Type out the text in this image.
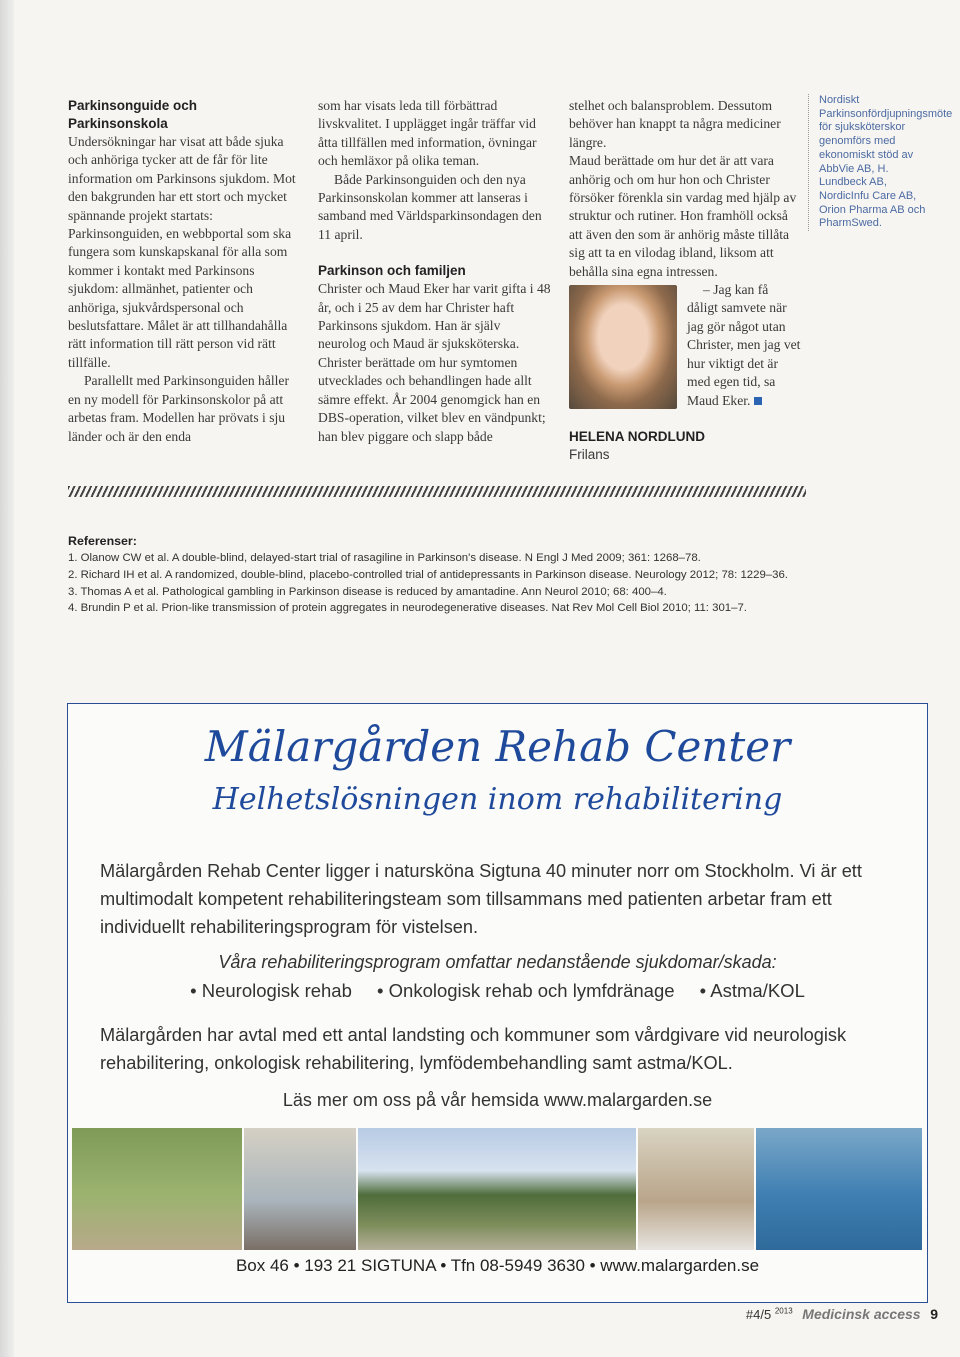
Parkinsonguide och Parkinsonskola

Undersökningar har visat att både sjuka och anhöriga tycker att de får för lite information om Parkinsons sjukdom. Mot den bakgrunden har ett stort och mycket spännande projekt startats: Parkinsonguiden, en webbportal som ska fungera som kunskapskanal för alla som kommer i kontakt med Parkinsons sjukdom: allmänhet, patienter och anhöriga, sjukvårdspersonal och beslutsfattare. Målet är att tillhandahålla rätt information till rätt person vid rätt tillfälle.

Parallellt med Parkinsonguiden håller en ny modell för Parkinsonskolor på att arbetas fram. Modellen har prövats i sju länder och är den enda

som har visats leda till förbättrad livskvalitet. I upplägget ingår träffar vid åtta tillfällen med information, övningar och hemläxor på olika teman.

Både Parkinsonguiden och den nya Parkinsonskolan kommer att lanseras i samband med Världsparkinsondagen den 11 april.

Parkinson och familjen

Christer och Maud Eker har varit gifta i 48 år, och i 25 av dem har Christer haft Parkinsons sjukdom. Han är själv neurolog och Maud är sjuksköterska. Christer berättade om hur symtomen utvecklades och behandlingen hade allt sämre effekt. År 2004 genomgick han en DBS-operation, vilket blev en vändpunkt; han blev piggare och slapp både

stelhet och balansproblem. Dessutom behöver han knappt ta några mediciner längre.

Maud berättade om hur det är att vara anhörig och om hur hon och Christer försöker förenkla sin vardag med hjälp av struktur och rutiner. Hon framhöll också att även den som är anhörig måste tillåta sig att ta en vilodag ibland, liksom att behålla sina egna intressen.

– Jag kan få dåligt samvete när jag gör något utan Christer, men jag vet hur viktigt det är med egen tid, sa Maud Eker.

HELENA NORDLUND
Frilans
Nordiskt Parkinsonfördjupningsmöte för sjuksköterskor genomförs med ekonomiskt stöd av AbbVie AB, H. Lundbeck AB, NordicInfu Care AB, Orion Pharma AB och PharmSwed.
Referenser:
1. Olanow CW et al. A double-blind, delayed-start trial of rasagiline in Parkinson's disease. N Engl J Med 2009; 361: 1268–78.
2. Richard IH et al. A randomized, double-blind, placebo-controlled trial of antidepressants in Parkinson disease. Neurology 2012; 78: 1229–36.
3. Thomas A et al. Pathological gambling in Parkinson disease is reduced by amantadine. Ann Neurol 2010; 68: 400–4.
4. Brundin P et al. Prion-like transmission of protein aggregates in neurodegenerative diseases. Nat Rev Mol Cell Biol 2010; 11: 301–7.
Mälargården Rehab Center
Helhetslösningen inom rehabilitering

Mälargården Rehab Center ligger i natursköna Sigtuna 40 minuter norr om Stockholm. Vi är ett multimodalt kompetent rehabiliteringsteam som tillsammans med patienten arbetar fram ett individuellt rehabiliteringsprogram för vistelsen.

Våra rehabiliteringsprogram omfattar nedanstående sjukdomar/skada:
• Neurologisk rehab • Onkologisk rehab och lymfdränage • Astma/KOL

Mälargården har avtal med ett antal landsting och kommuner som vårdgivare vid neurologisk rehabilitering, onkologisk rehabilitering, lymfödembehandling samt astma/KOL.

Läs mer om oss på vår hemsida www.malargarden.se
Box 46 • 193 21 SIGTUNA • Tfn 08-5949 3630 • www.malargarden.se
#4/5 $^{2013}$ Medicinsk access 9
